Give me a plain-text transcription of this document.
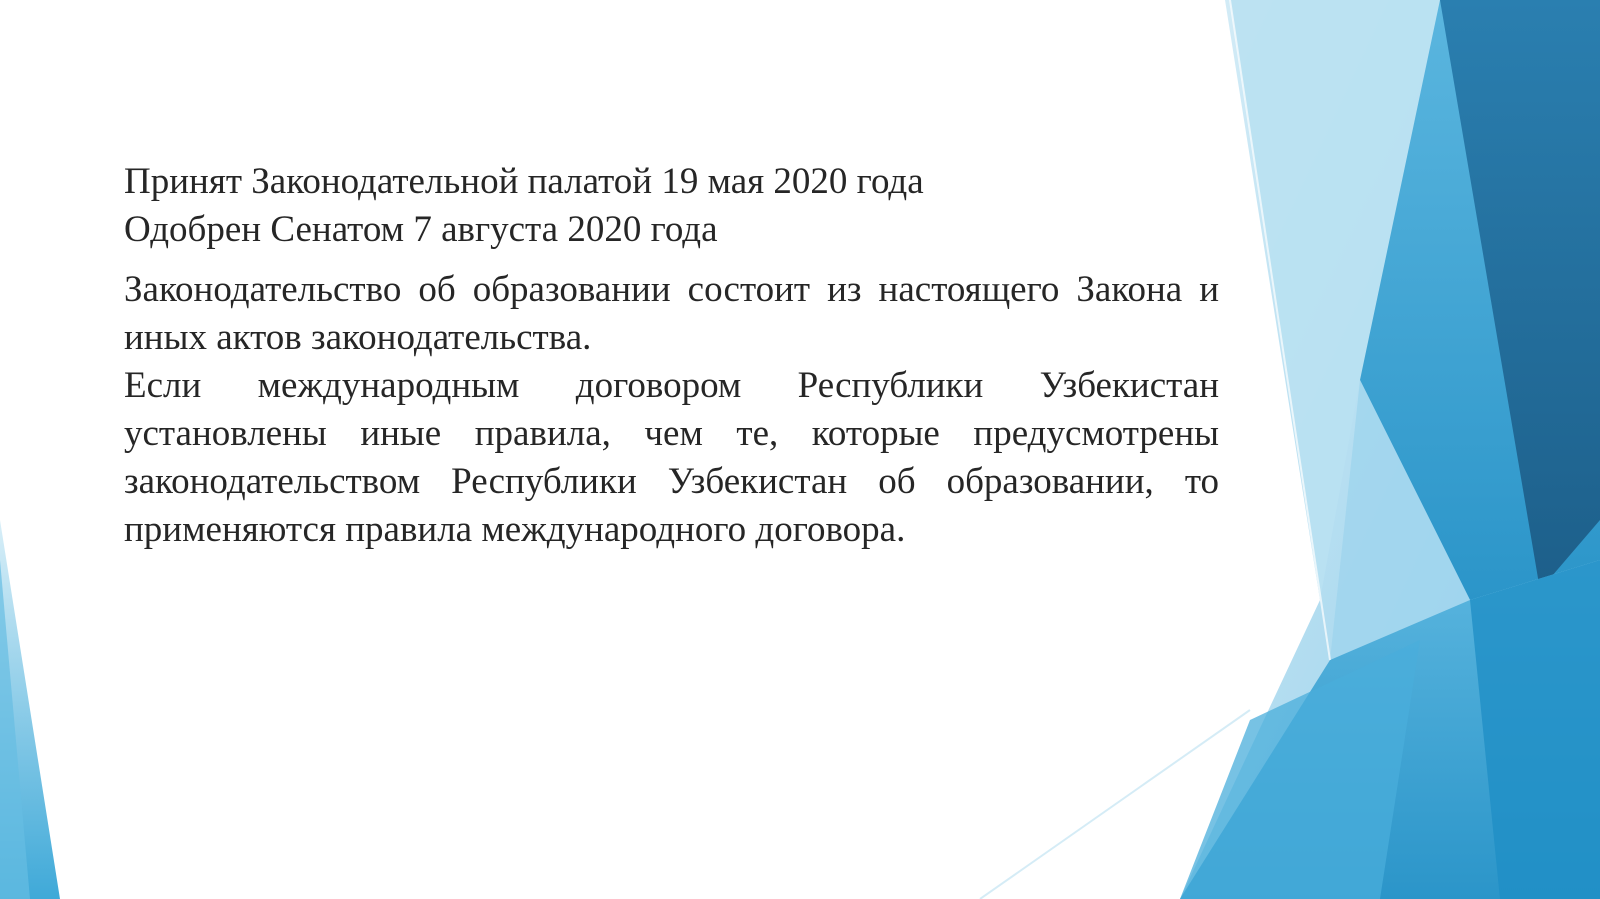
Принят Законодательной палатой 19 мая 2020 года
Одобрен Сенатом 7 августа 2020 года

Законодательство об образовании состоит из настоящего Закона и иных актов законодательства.

Если международным договором Республики Узбекистан установлены иные правила, чем те, которые предусмотрены законодательством Республики Узбекистан об образовании, то применяются правила международного договора.
